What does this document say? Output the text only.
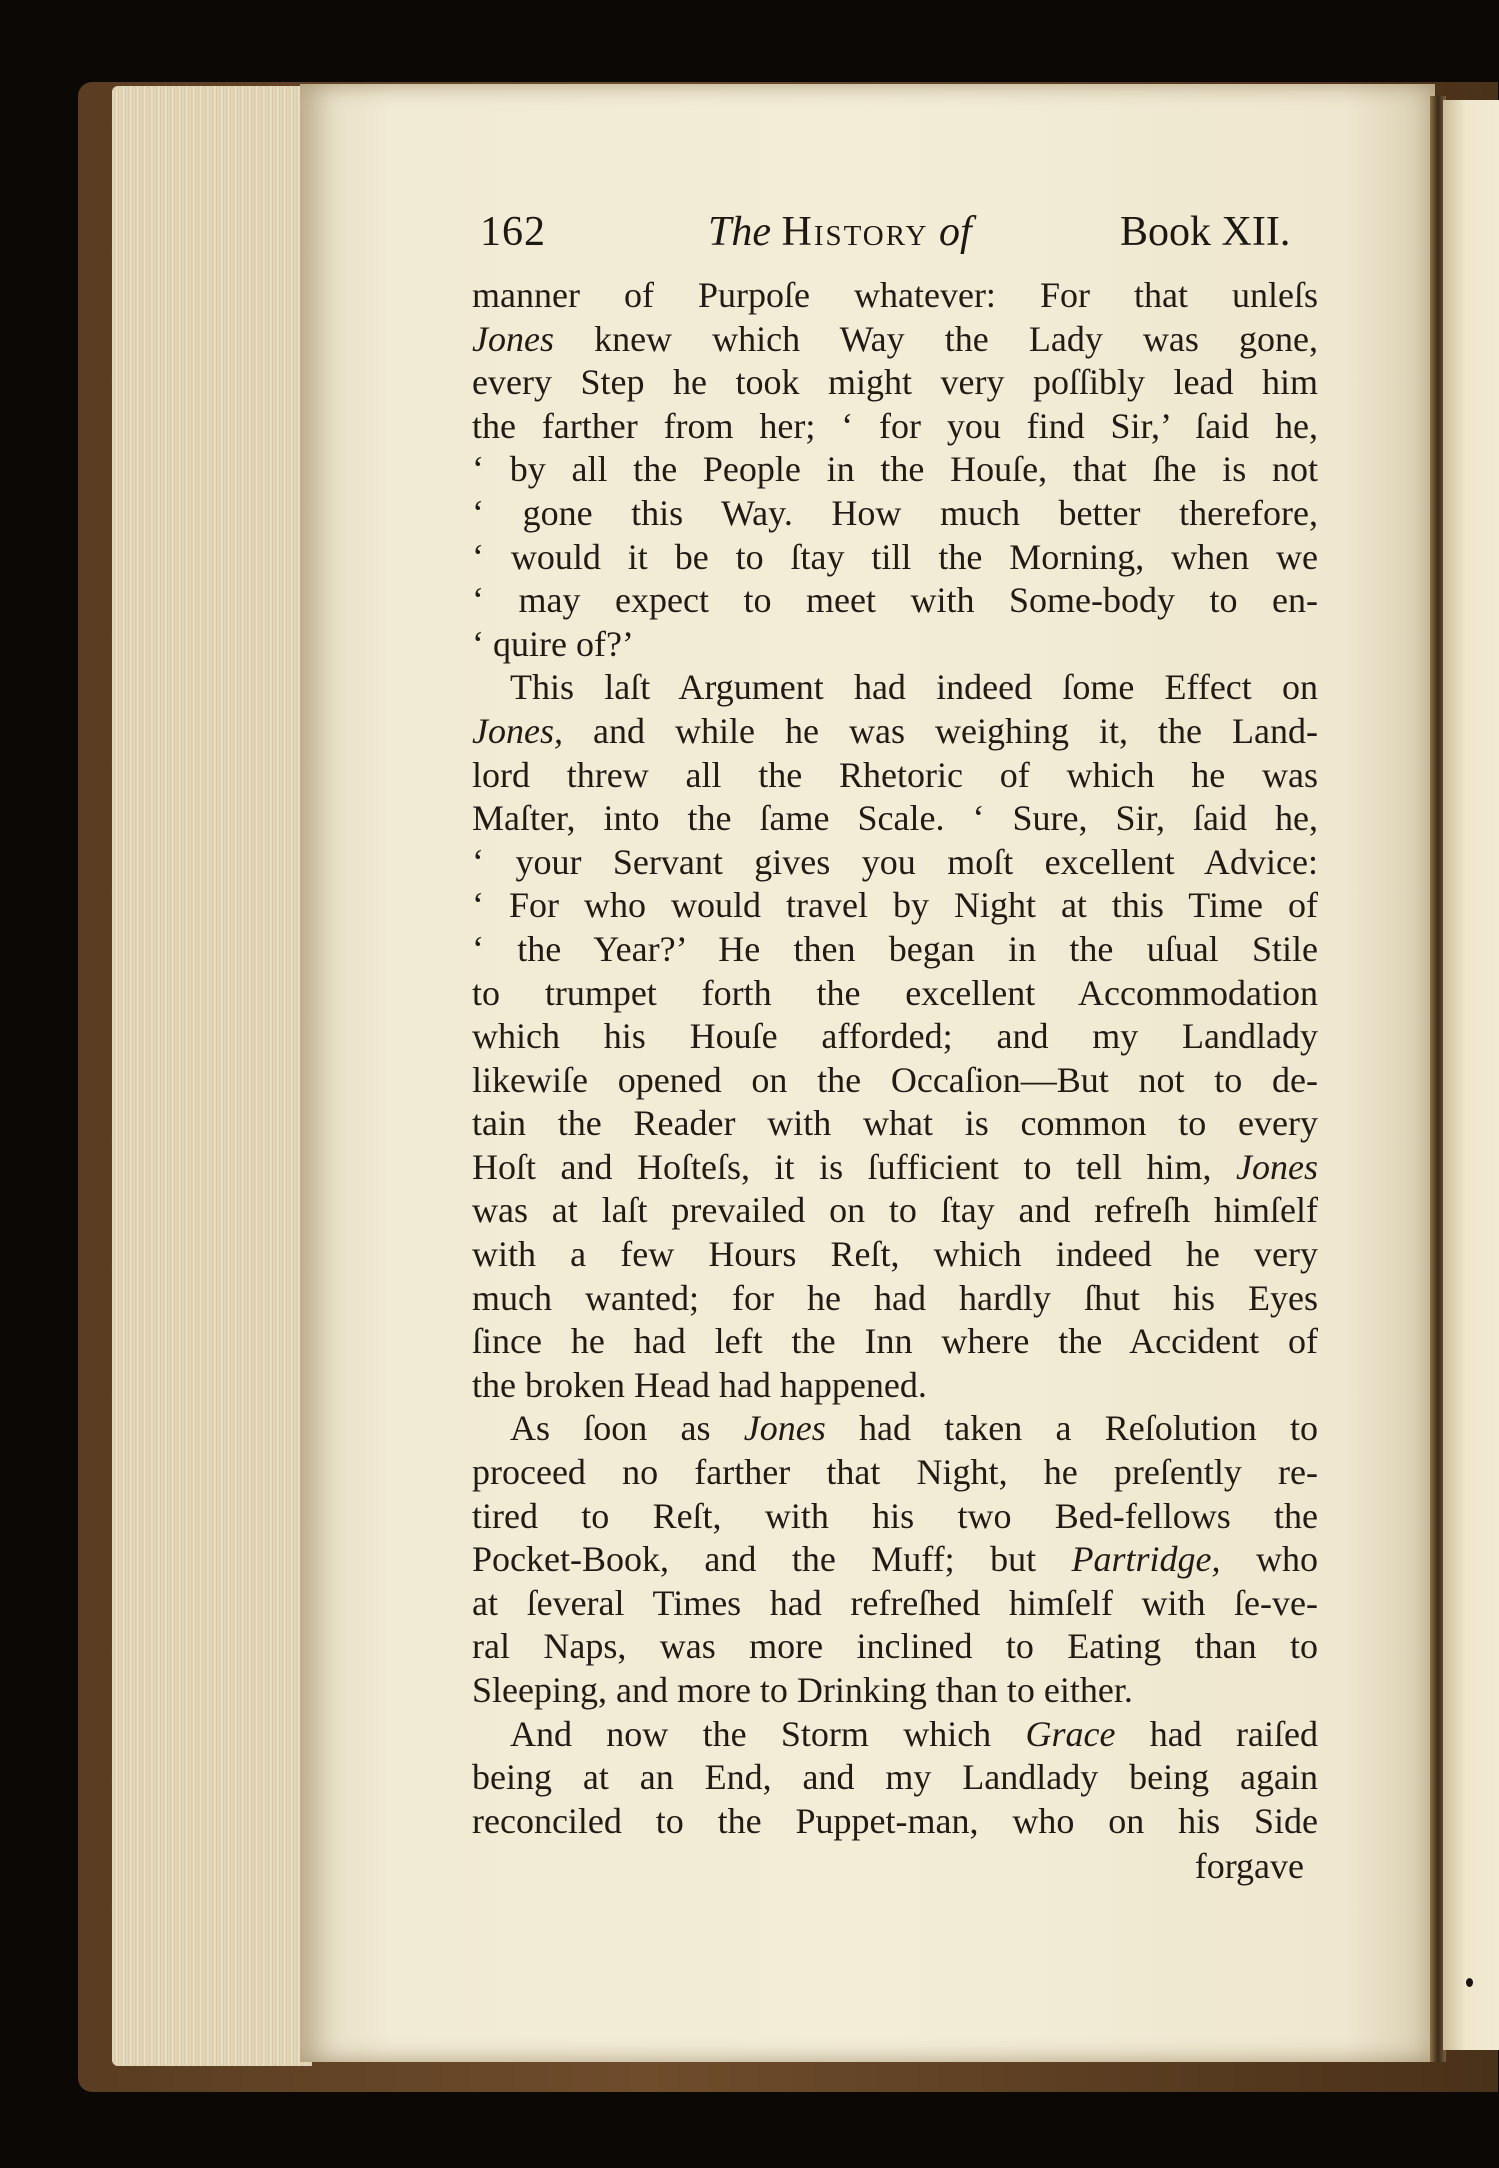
162	The History of	Book XII.
manner of Purpoſe whatever: For that unleſs
Jones knew which Way the Lady was gone,
every Step he took might very poſſibly lead him
the farther from her; ‘ for you find Sir,’ ſaid he,
‘ by all the People in the Houſe, that ſhe is not
‘ gone this Way. How much better therefore,
‘ would it be to ſtay till the Morning, when we
‘ may expect to meet with Some-body to en-
‘ quire of?’
This laſt Argument had indeed ſome Effect on
Jones, and while he was weighing it, the Land-
lord threw all the Rhetoric of which he was
Maſter, into the ſame Scale. ‘ Sure, Sir, ſaid he,
‘ your Servant gives you moſt excellent Advice:
‘ For who would travel by Night at this Time of
‘ the Year?’ He then began in the uſual Stile
to trumpet forth the excellent Accommodation
which his Houſe afforded; and my Landlady
likewiſe opened on the Occaſion—But not to de-
tain the Reader with what is common to every
Hoſt and Hoſteſs, it is ſufficient to tell him, Jones
was at laſt prevailed on to ſtay and refreſh himſelf
with a few Hours Reſt, which indeed he very
much wanted; for he had hardly ſhut his Eyes
ſince he had left the Inn where the Accident of
the broken Head had happened.
As ſoon as Jones had taken a Reſolution to
proceed no farther that Night, he preſently re-
tired to Reſt, with his two Bed-fellows the
Pocket-Book, and the Muff; but Partridge, who
at ſeveral Times had refreſhed himſelf with ſe-ve-
ral Naps, was more inclined to Eating than to
Sleeping, and more to Drinking than to either.
And now the Storm which Grace had raiſed
being at an End, and my Landlady being again
reconciled to the Puppet-man, who on his Side
forgave
